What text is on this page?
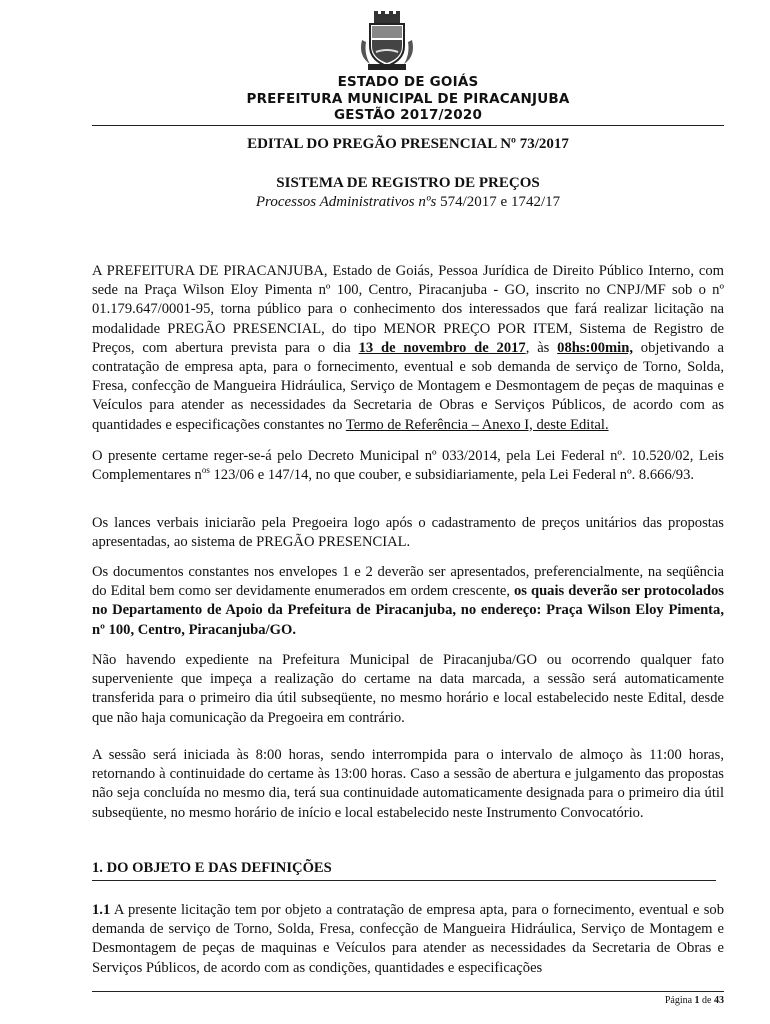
ESTADO DE GOIÁS
PREFEITURA MUNICIPAL DE PIRACANJUBA
GESTÃO 2017/2020
EDITAL DO PREGÃO PRESENCIAL Nº 73/2017
SISTEMA DE REGISTRO DE PREÇOS
Processos Administrativos nºs 574/2017 e 1742/17
A PREFEITURA DE PIRACANJUBA, Estado de Goiás, Pessoa Jurídica de Direito Público Interno, com sede na Praça Wilson Eloy Pimenta nº 100, Centro, Piracanjuba - GO, inscrito no CNPJ/MF sob o nº 01.179.647/0001-95, torna público para o conhecimento dos interessados que fará realizar licitação na modalidade PREGÃO PRESENCIAL, do tipo MENOR PREÇO POR ITEM, Sistema de Registro de Preços, com abertura prevista para o dia 13 de novembro de 2017, às 08hs:00min, objetivando a contratação de empresa apta, para o fornecimento, eventual e sob demanda de serviço de Torno, Solda, Fresa, confecção de Mangueira Hidráulica, Serviço de Montagem e Desmontagem de peças de maquinas e Veículos para atender as necessidades da Secretaria de Obras e Serviços Públicos, de acordo com as quantidades e especificações constantes no Termo de Referência – Anexo I, deste Edital.
O presente certame reger-se-á pelo Decreto Municipal nº 033/2014, pela Lei Federal nº. 10.520/02, Leis Complementares $n^{os}$ 123/06 e 147/14, no que couber, e subsidiariamente, pela Lei Federal nº. 8.666/93.
Os lances verbais iniciarão pela Pregoeira logo após o cadastramento de preços unitários das propostas apresentadas, ao sistema de PREGÃO PRESENCIAL.
Os documentos constantes nos envelopes 1 e 2 deverão ser apresentados, preferencialmente, na seqüência do Edital bem como ser devidamente enumerados em ordem crescente, os quais deverão ser protocolados no Departamento de Apoio da Prefeitura de Piracanjuba, no endereço: Praça Wilson Eloy Pimenta, nº 100, Centro, Piracanjuba/GO.
Não havendo expediente na Prefeitura Municipal de Piracanjuba/GO ou ocorrendo qualquer fato superveniente que impeça a realização do certame na data marcada, a sessão será automaticamente transferida para o primeiro dia útil subseqüente, no mesmo horário e local estabelecido neste Edital, desde que não haja comunicação da Pregoeira em contrário.
A sessão será iniciada às 8:00 horas, sendo interrompida para o intervalo de almoço às 11:00 horas, retornando à continuidade do certame às 13:00 horas. Caso a sessão de abertura e julgamento das propostas não seja concluída no mesmo dia, terá sua continuidade automaticamente designada para o primeiro dia útil subseqüente, no mesmo horário de início e local estabelecido neste Instrumento Convocatório.
1. DO OBJETO E DAS DEFINIÇÕES
1.1 A presente licitação tem por objeto a contratação de empresa apta, para o fornecimento, eventual e sob demanda de serviço de Torno, Solda, Fresa, confecção de Mangueira Hidráulica, Serviço de Montagem e Desmontagem de peças de maquinas e Veículos para atender as necessidades da Secretaria de Obras e Serviços Públicos, de acordo com as condições, quantidades e especificações
Página 1 de 43
